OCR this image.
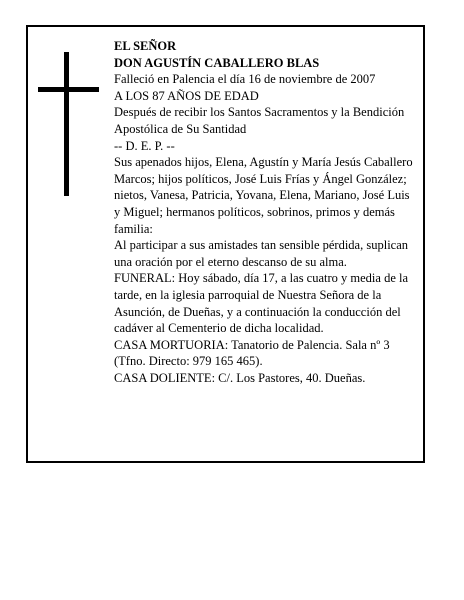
EL SEÑOR

DON AGUSTÍN CABALLERO BLAS

Falleció en Palencia el día 16 de noviembre de 2007

A LOS 87 AÑOS DE EDAD

Después de recibir los Santos Sacramentos y la Bendición Apostólica de Su Santidad

-- D. E. P. --

Sus apenados hijos, Elena, Agustín y María Jesús Caballero Marcos; hijos políticos, José Luis Frías y Ángel González; nietos, Vanesa, Patricia, Yovana, Elena, Mariano, José Luis y Miguel; hermanos políticos, sobrinos, primos y demás familia:

Al participar a sus amistades tan sensible pérdida, suplican una oración por el eterno descanso de su alma.

FUNERAL: Hoy sábado, día 17, a las cuatro y media de la tarde, en la iglesia parroquial de Nuestra Señora de la Asunción, de Dueñas, y a continuación la conducción del cadáver al Cementerio de dicha localidad.

CASA MORTUORIA: Tanatorio de Palencia. Sala nº 3 (Tfno. Directo: 979 165 465).

CASA DOLIENTE: C/. Los Pastores, 40. Dueñas.
